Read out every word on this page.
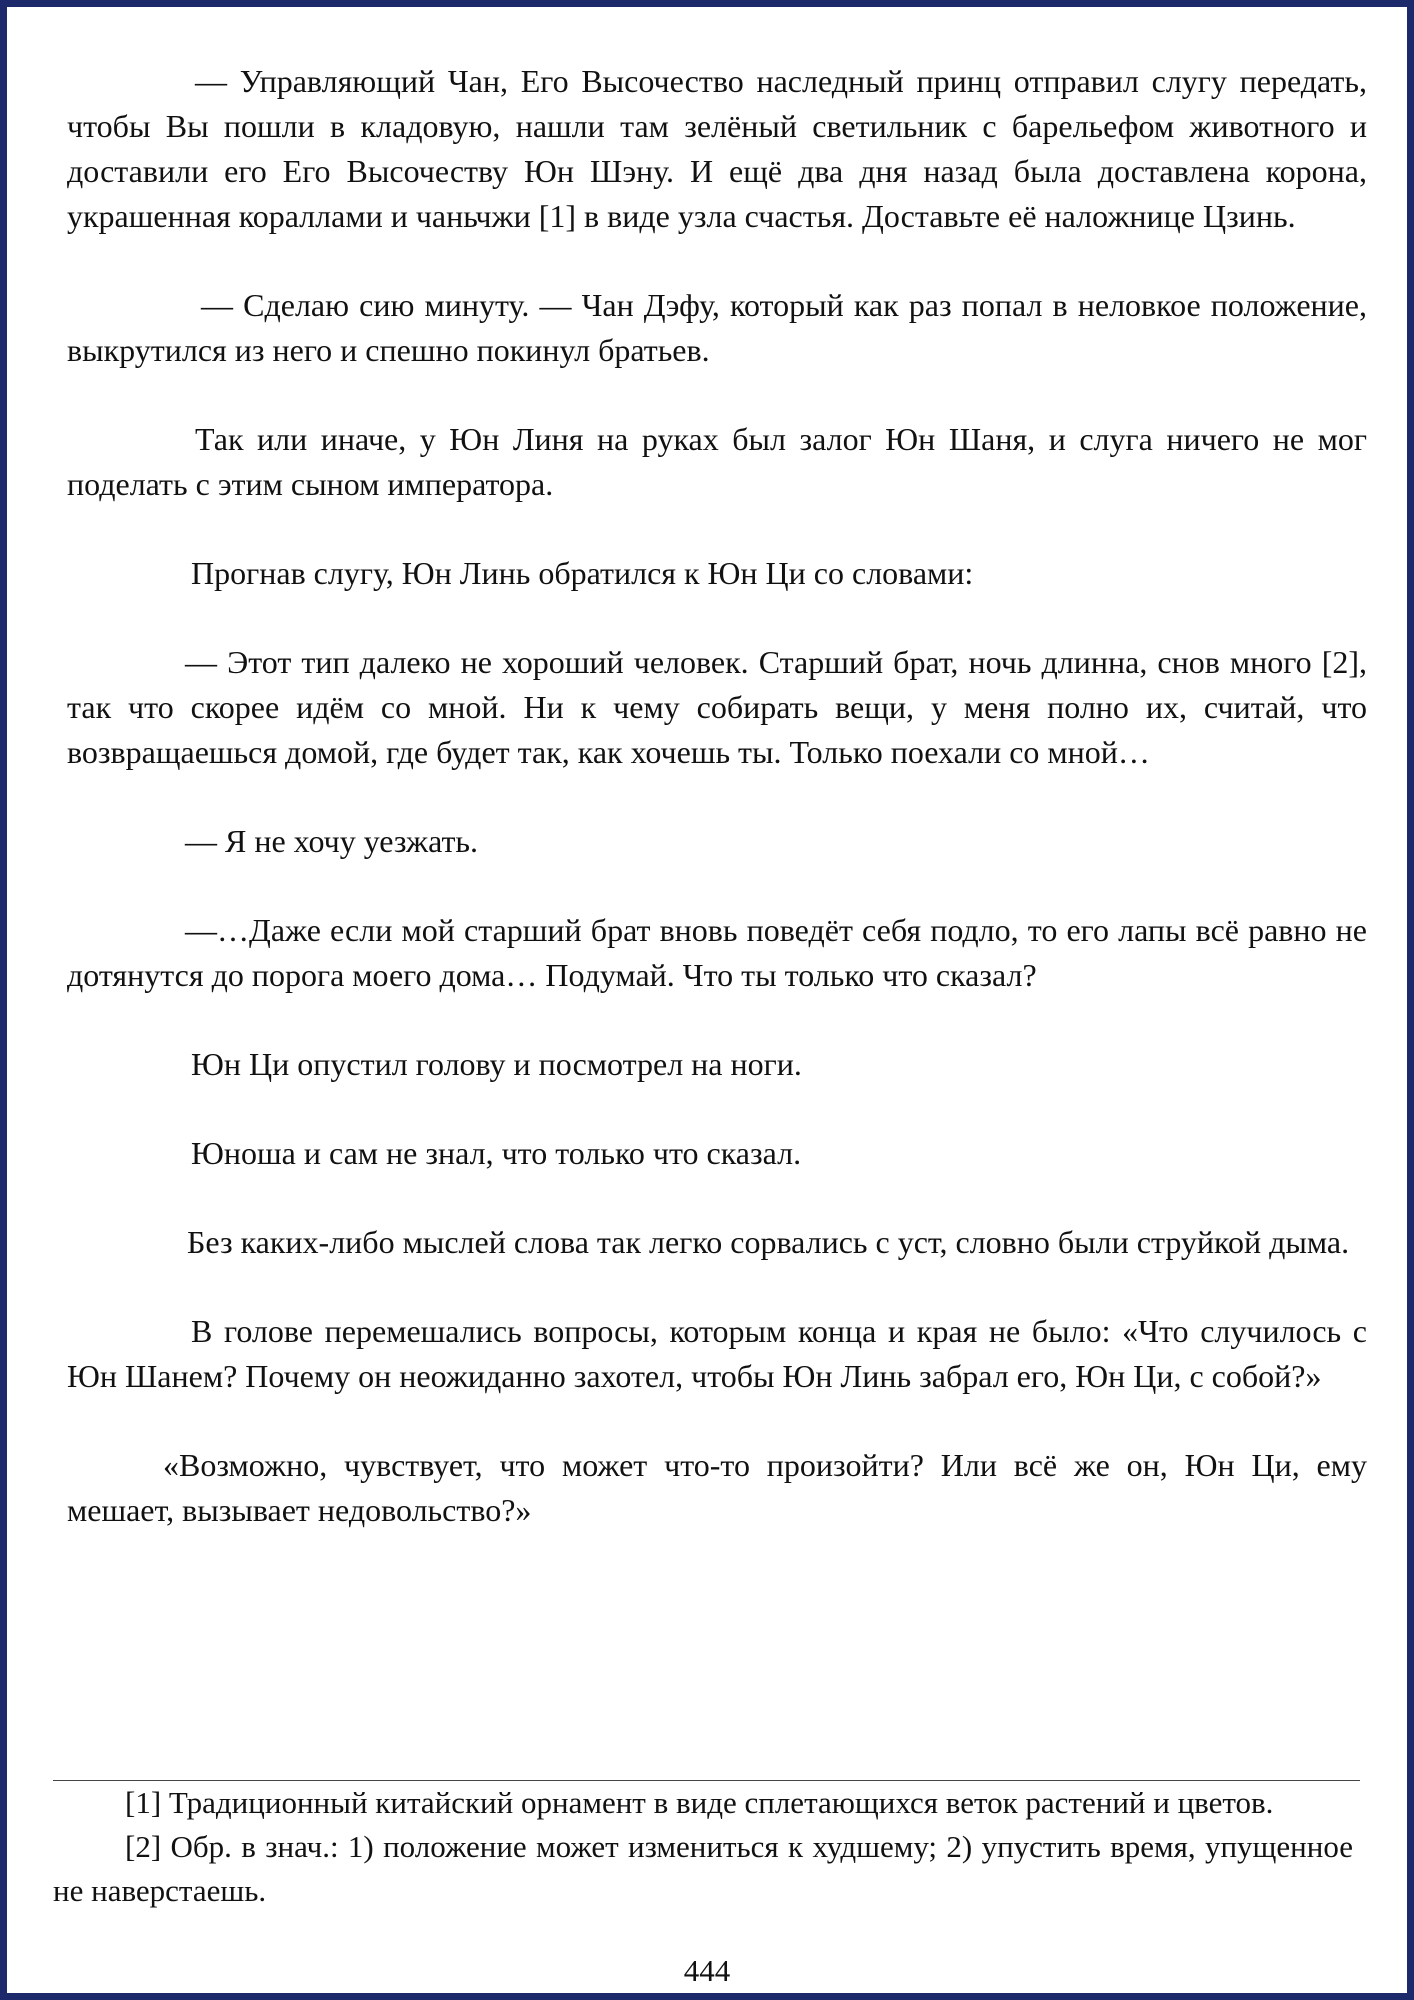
— Управляющий Чан, Его Высочество наследный принц отправил слугу передать, чтобы Вы пошли в кладовую, нашли там зелёный светильник с барельефом животного и доставили его Его Высочеству Юн Шэну. И ещё два дня назад была доставлена корона, украшенная кораллами и чаньчжи [1] в виде узла счастья. Доставьте её наложнице Цзинь.

— Сделаю сию минуту. — Чан Дэфу, который как раз попал в неловкое положение, выкрутился из него и спешно покинул братьев.

Так или иначе, у Юн Линя на руках был залог Юн Шаня, и слуга ничего не мог поделать с этим сыном императора.

Прогнав слугу, Юн Линь обратился к Юн Ци со словами:

— Этот тип далеко не хороший человек. Старший брат, ночь длинна, снов много [2], так что скорее идём со мной. Ни к чему собирать вещи, у меня полно их, считай, что возвращаешься домой, где будет так, как хочешь ты. Только поехали со мной…

— Я не хочу уезжать.

—…Даже если мой старший брат вновь поведёт себя подло, то его лапы всё равно не дотянутся до порога моего дома… Подумай. Что ты только что сказал?

Юн Ци опустил голову и посмотрел на ноги.

Юноша и сам не знал, что только что сказал.

Без каких-либо мыслей слова так легко сорвались с уст, словно были струйкой дыма.

В голове перемешались вопросы, которым конца и края не было: «Что случилось с Юн Шанем? Почему он неожиданно захотел, чтобы Юн Линь забрал его, Юн Ци, с собой?»

«Возможно, чувствует, что может что-то произойти? Или всё же он, Юн Ци, ему мешает, вызывает недовольство?»

[1] Традиционный китайский орнамент в виде сплетающихся веток растений и цветов.

[2] Обр. в знач.: 1) положение может измениться к худшему; 2) упустить время, упущенное не наверстаешь.

444
